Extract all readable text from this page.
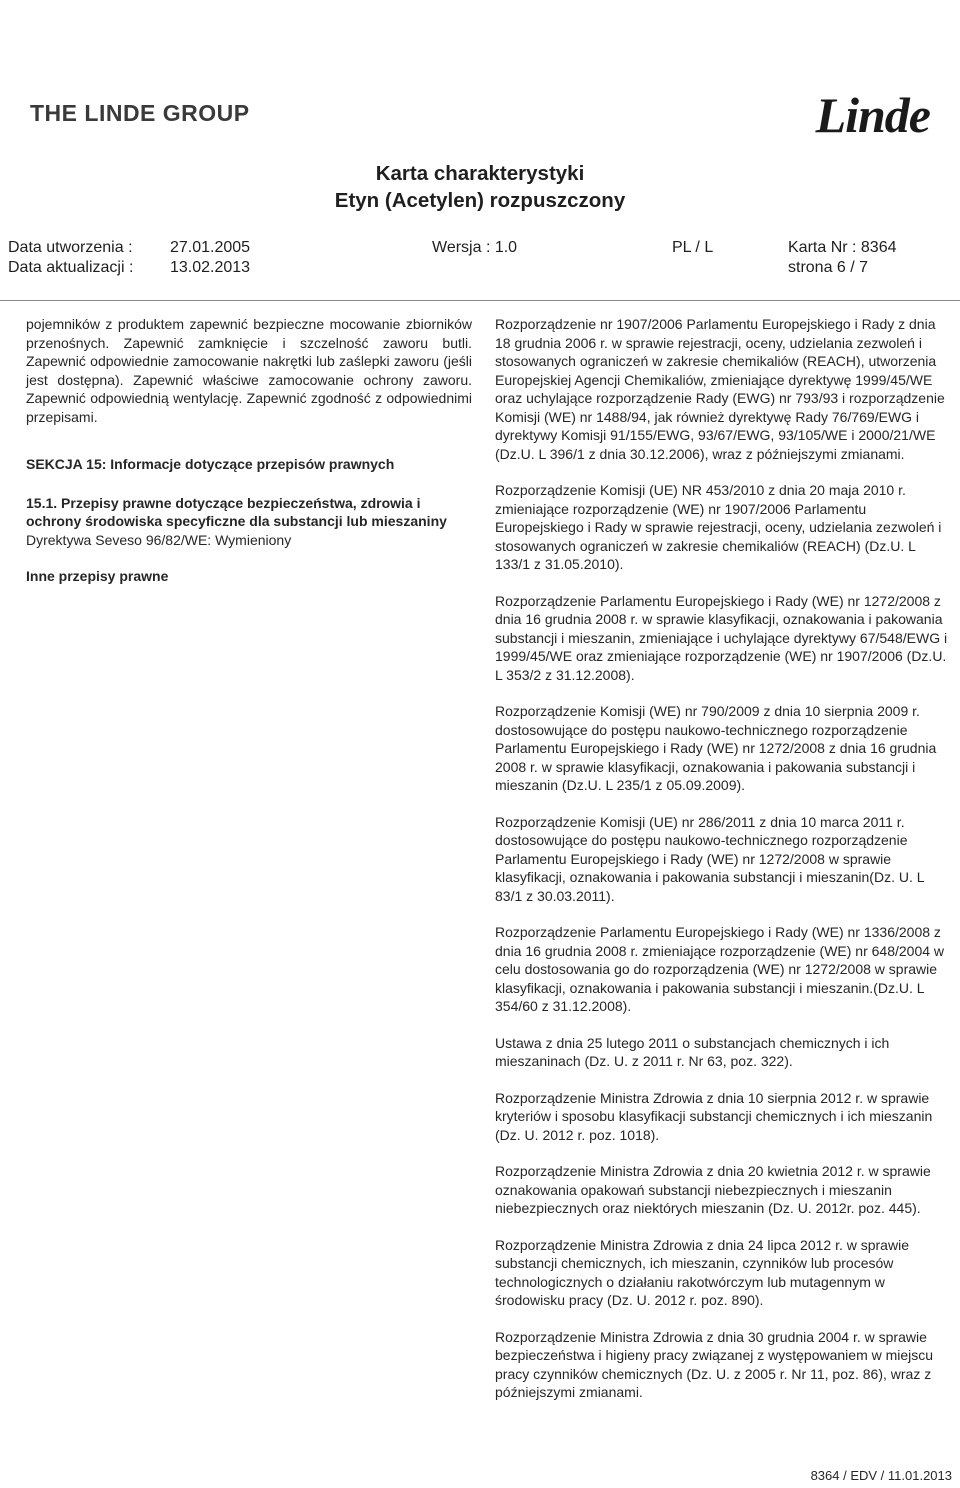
THE LINDE GROUP	Linde
Karta charakterystyki
Etyn (Acetylen) rozpuszczony
Data utworzenia : 27.01.2005	Wersja : 1.0	PL / L	Karta Nr : 8364
Data aktualizacji : 13.02.2013	strona 6 / 7
pojemników z produktem zapewnić bezpieczne mocowanie zbiorników przenośnych. Zapewnić zamknięcie i szczelność zaworu butli. Zapewnić odpowiednie zamocowanie nakrętki lub zaślepki zaworu (jeśli jest dostępna). Zapewnić właściwe zamocowanie ochrony zaworu. Zapewnić odpowiednią wentylację. Zapewnić zgodność z odpowiednimi przepisami.
SEKCJA 15: Informacje dotyczące przepisów prawnych
15.1. Przepisy prawne dotyczące bezpieczeństwa, zdrowia i ochrony środowiska specyficzne dla substancji lub mieszaniny
Dyrektywa Seveso 96/82/WE: Wymieniony
Inne przepisy prawne
Rozporządzenie nr 1907/2006 Parlamentu Europejskiego i Rady z dnia 18 grudnia 2006 r. w sprawie rejestracji, oceny, udzielania zezwoleń i stosowanych ograniczeń w zakresie chemikaliów (REACH), utworzenia Europejskiej Agencji Chemikaliów, zmieniające dyrektywę 1999/45/WE oraz uchylające rozporządzenie Rady (EWG) nr 793/93 i rozporządzenie Komisji (WE) nr 1488/94, jak również dyrektywę Rady 76/769/EWG i dyrektywy Komisji 91/155/EWG, 93/67/EWG, 93/105/WE i 2000/21/WE (Dz.U. L 396/1 z dnia 30.12.2006), wraz z późniejszymi zmianami.
Rozporządzenie Komisji (UE) NR 453/2010 z dnia 20 maja 2010 r. zmieniające rozporządzenie (WE) nr 1907/2006 Parlamentu Europejskiego i Rady w sprawie rejestracji, oceny, udzielania zezwoleń i stosowanych ograniczeń w zakresie chemikaliów (REACH) (Dz.U. L 133/1 z 31.05.2010).
Rozporządzenie Parlamentu Europejskiego i Rady (WE) nr 1272/2008 z dnia 16 grudnia 2008 r. w sprawie klasyfikacji, oznakowania i pakowania substancji i mieszanin, zmieniające i uchylające dyrektywy 67/548/EWG i 1999/45/WE oraz zmieniające rozporządzenie (WE) nr 1907/2006 (Dz.U. L 353/2 z 31.12.2008).
Rozporządzenie Komisji (WE) nr 790/2009 z dnia 10 sierpnia 2009 r. dostosowujące do postępu naukowo-technicznego rozporządzenie Parlamentu Europejskiego i Rady (WE) nr 1272/2008 z dnia 16 grudnia 2008 r. w sprawie klasyfikacji, oznakowania i pakowania substancji i mieszanin (Dz.U. L 235/1 z 05.09.2009).
Rozporządzenie Komisji (UE) nr 286/2011 z dnia 10 marca 2011 r. dostosowujące do postępu naukowo-technicznego rozporządzenie Parlamentu Europejskiego i Rady (WE) nr 1272/2008 w sprawie klasyfikacji, oznakowania i pakowania substancji i mieszanin(Dz. U. L 83/1 z 30.03.2011).
Rozporządzenie Parlamentu Europejskiego i Rady (WE) nr 1336/2008 z dnia 16 grudnia 2008 r. zmieniające rozporządzenie (WE) nr 648/2004 w celu dostosowania go do rozporządzenia (WE) nr 1272/2008 w sprawie klasyfikacji, oznakowania i pakowania substancji i mieszanin.(Dz.U. L 354/60 z 31.12.2008).
Ustawa z dnia 25 lutego 2011 o substancjach chemicznych i ich mieszaninach (Dz. U. z 2011 r. Nr 63, poz. 322).
Rozporządzenie Ministra Zdrowia z dnia 10 sierpnia 2012 r. w sprawie kryteriów i sposobu klasyfikacji substancji chemicznych i ich mieszanin (Dz. U. 2012 r. poz. 1018).
Rozporządzenie Ministra Zdrowia z dnia 20 kwietnia 2012 r. w sprawie oznakowania opakowań substancji niebezpiecznych i mieszanin niebezpiecznych oraz niektórych mieszanin (Dz. U. 2012r. poz. 445).
Rozporządzenie Ministra Zdrowia z dnia 24 lipca 2012 r. w sprawie substancji chemicznych, ich mieszanin, czynników lub procesów technologicznych o działaniu rakotwórczym lub mutagennym w środowisku pracy (Dz. U. 2012 r. poz. 890).
Rozporządzenie Ministra Zdrowia z dnia 30 grudnia 2004 r. w sprawie bezpieczeństwa i higieny pracy związanej z występowaniem w miejscu pracy czynników chemicznych (Dz. U. z 2005 r. Nr 11, poz. 86), wraz z późniejszymi zmianami.
8364 / EDV / 11.01.2013
